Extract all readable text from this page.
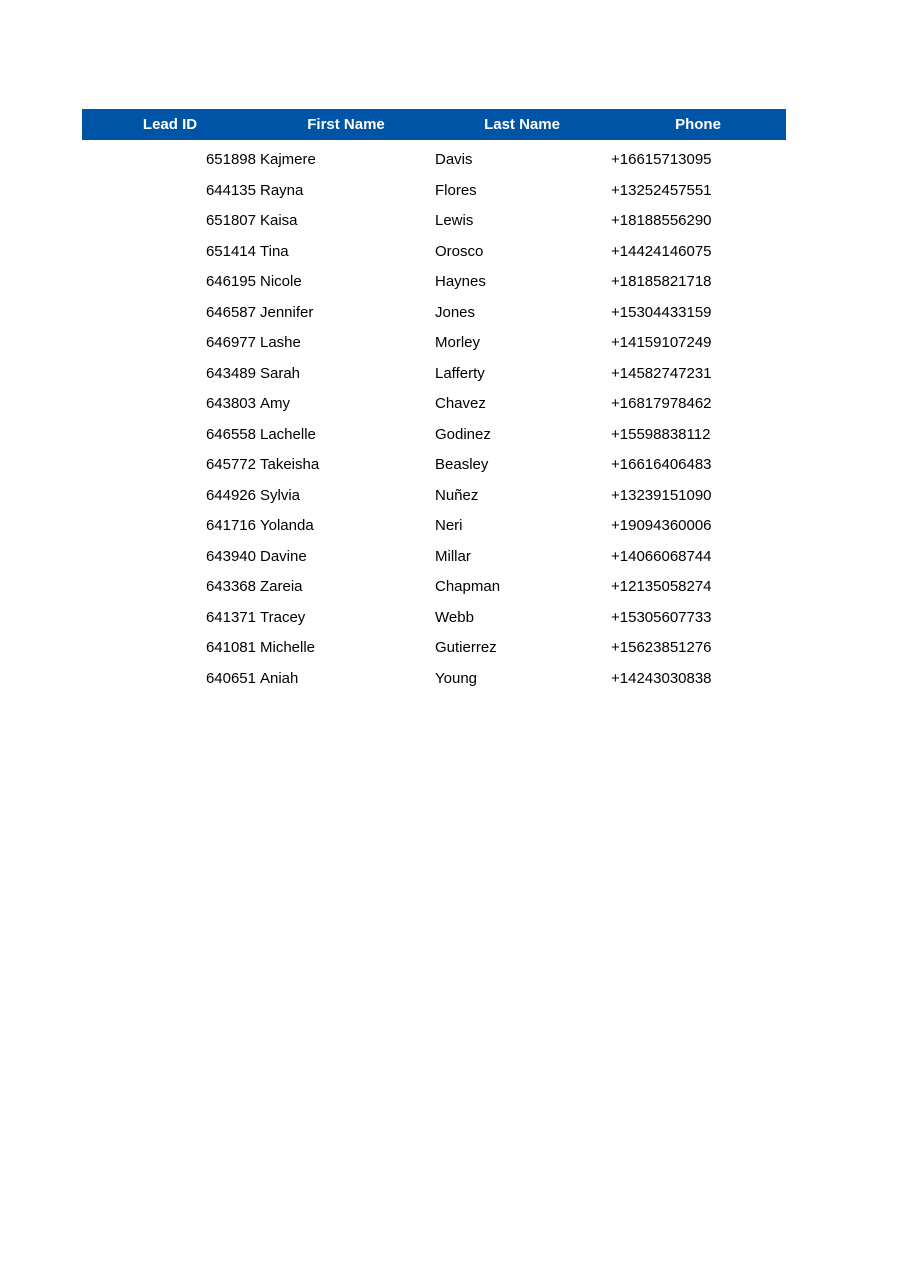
Lead ID	First Name	Last Name	Phone
651898 Kajmere	Davis	+16615713095
644135 Rayna	Flores	+13252457551
651807 Kaisa	Lewis	+18188556290
651414 Tina	Orosco	+14424146075
646195 Nicole	Haynes	+18185821718
646587 Jennifer	Jones	+15304433159
646977 Lashe	Morley	+14159107249
643489 Sarah	Lafferty	+14582747231
643803 Amy	Chavez	+16817978462
646558 Lachelle	Godinez	+15598838112
645772 Takeisha	Beasley	+16616406483
644926 Sylvia	Nuñez	+13239151090
641716 Yolanda	Neri	+19094360006
643940 Davine	Millar	+14066068744
643368 Zareia	Chapman	+12135058274
641371 Tracey	Webb	+15305607733
641081 Michelle	Gutierrez	+15623851276
640651 Aniah	Young	+14243030838
